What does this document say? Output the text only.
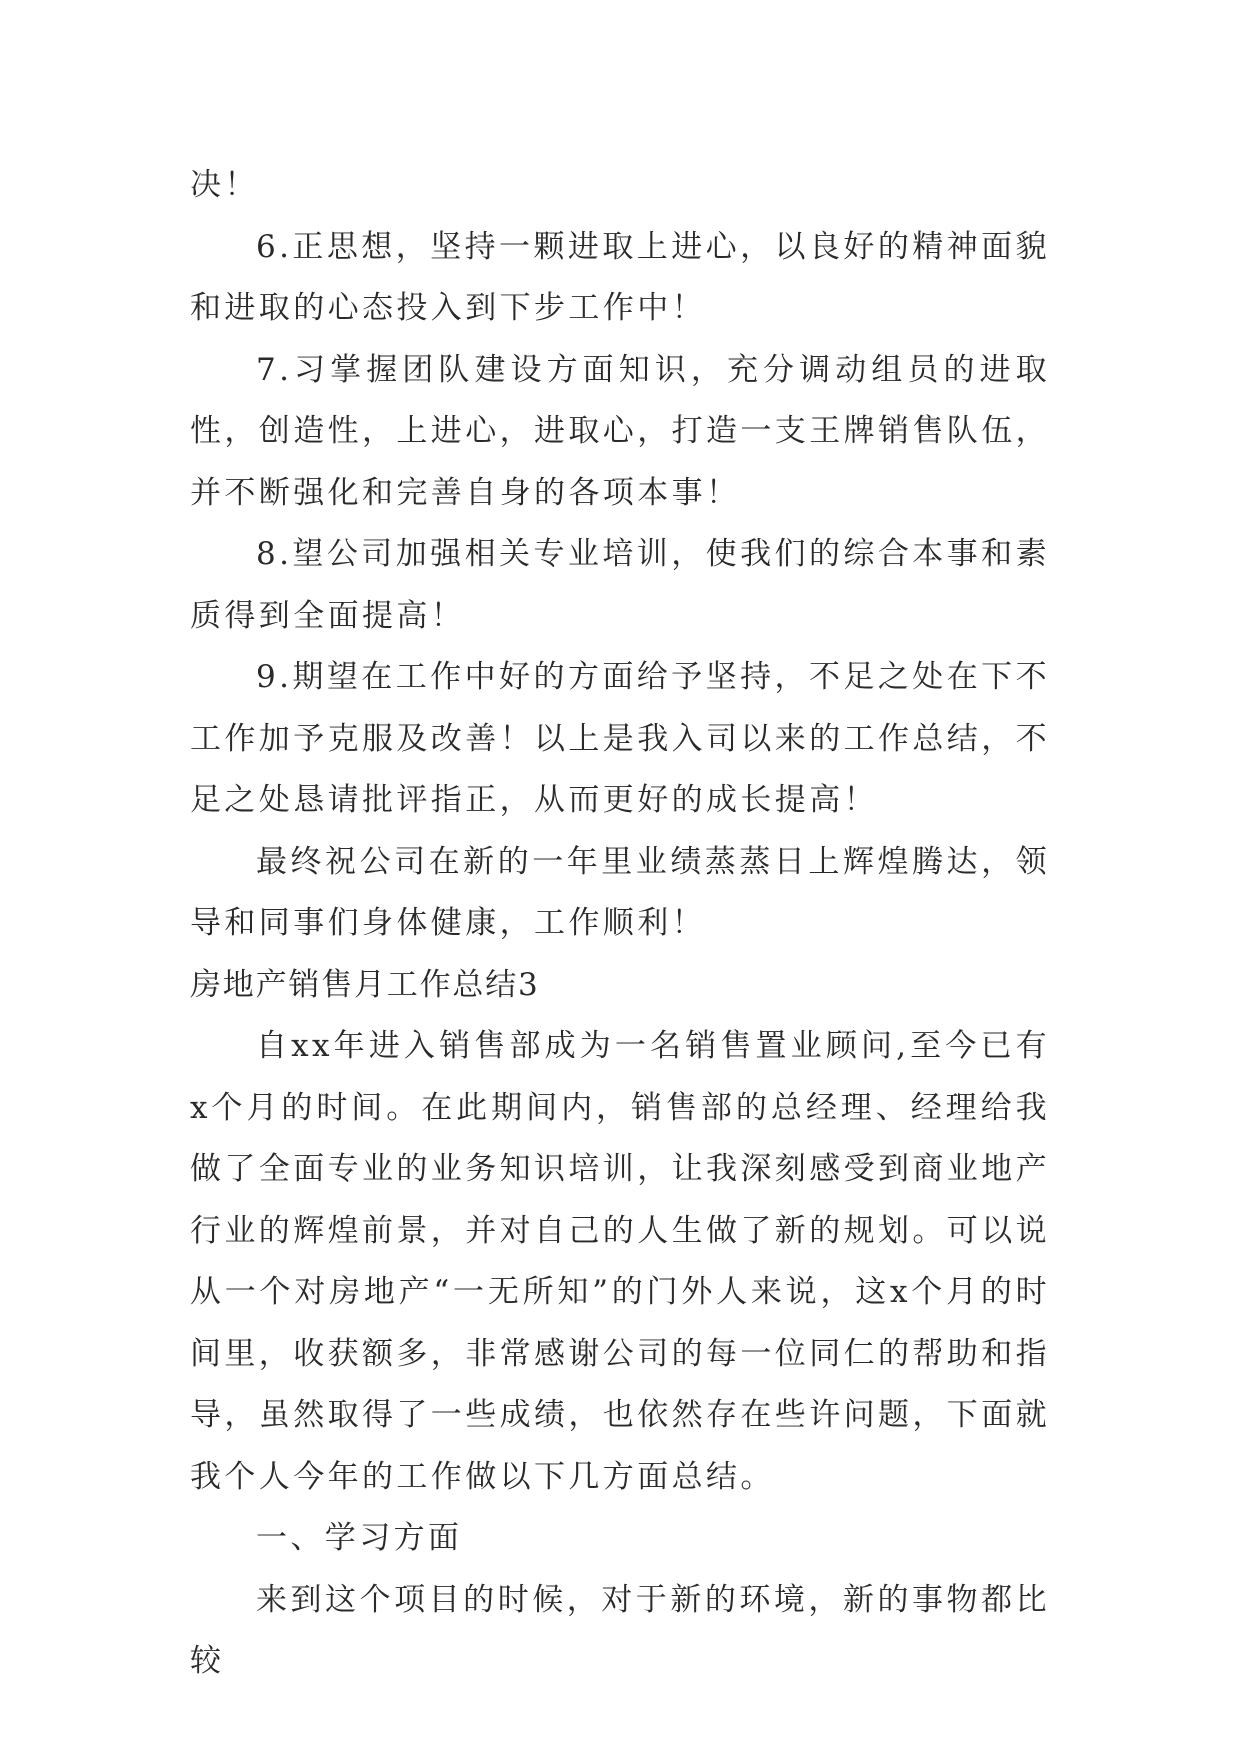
决！

6.正思想，坚持一颗进取上进心，以良好的精神面貌和进取的心态投入到下步工作中！

7.习掌握团队建设方面知识，充分调动组员的进取性，创造性，上进心，进取心，打造一支王牌销售队伍，并不断强化和完善自身的各项本事！

8.望公司加强相关专业培训，使我们的综合本事和素质得到全面提高！

9.期望在工作中好的方面给予坚持，不足之处在下不工作加予克服及改善！以上是我入司以来的工作总结，不足之处恳请批评指正，从而更好的成长提高！

最终祝公司在新的一年里业绩蒸蒸日上辉煌腾达，领导和同事们身体健康，工作顺利！

房地产销售月工作总结3

自xx年进入销售部成为一名销售置业顾问,至今已有x个月的时间。在此期间内，销售部的总经理、经理给我做了全面专业的业务知识培训，让我深刻感受到商业地产行业的辉煌前景，并对自己的人生做了新的规划。可以说从一个对房地产“一无所知”的门外人来说，这x个月的时间里，收获额多，非常感谢公司的每一位同仁的帮助和指导，虽然取得了一些成绩，也依然存在些许问题，下面就我个人今年的工作做以下几方面总结。

一、学习方面

来到这个项目的时候，对于新的环境，新的事物都比较
